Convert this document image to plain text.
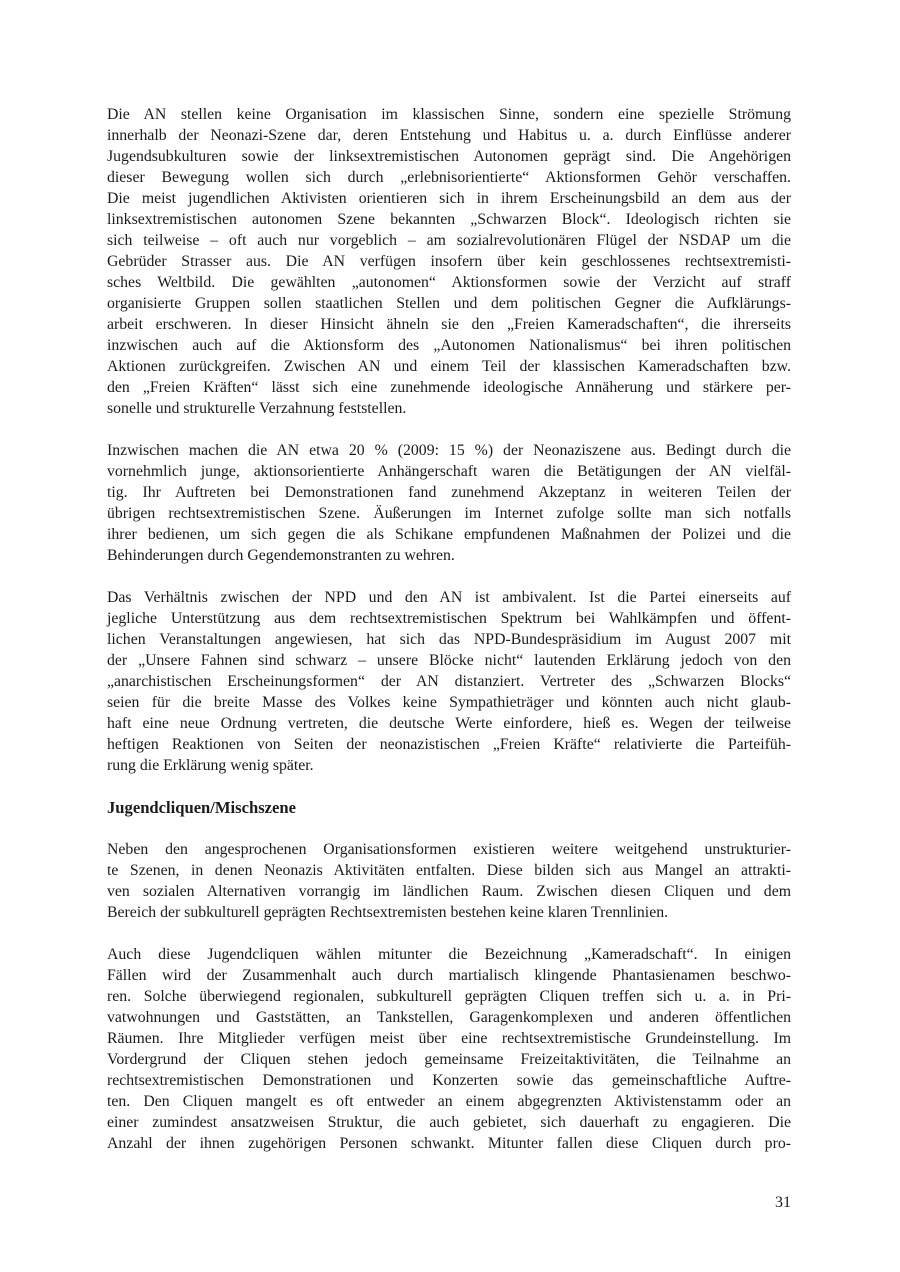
Die AN stellen keine Organisation im klassischen Sinne, sondern eine spezielle Strömung
innerhalb der Neonazi-Szene dar, deren Entstehung und Habitus u. a. durch Einflüsse anderer
Jugendsubkulturen sowie der linksextremistischen Autonomen geprägt sind. Die Angehörigen
dieser Bewegung wollen sich durch „erlebnisorientierte“ Aktionsformen Gehör verschaffen.
Die meist jugendlichen Aktivisten orientieren sich in ihrem Erscheinungsbild an dem aus der
linksextremistischen autonomen Szene bekannten „Schwarzen Block“. Ideologisch richten sie
sich teilweise – oft auch nur vorgeblich – am sozialrevolutionären Flügel der NSDAP um die
Gebrüder Strasser aus. Die AN verfügen insofern über kein geschlossenes rechtsextremisti-
sches Weltbild. Die gewählten „autonomen“ Aktionsformen sowie der Verzicht auf straff
organisierte Gruppen sollen staatlichen Stellen und dem politischen Gegner die Aufklärungs-
arbeit erschweren. In dieser Hinsicht ähneln sie den „Freien Kameradschaften“, die ihrerseits
inzwischen auch auf die Aktionsform des „Autonomen Nationalismus“ bei ihren politischen
Aktionen zurückgreifen. Zwischen AN und einem Teil der klassischen Kameradschaften bzw.
den „Freien Kräften“ lässt sich eine zunehmende ideologische Annäherung und stärkere per-
sonelle und strukturelle Verzahnung feststellen.
Inzwischen machen die AN etwa 20 % (2009: 15 %) der Neonaziszene aus. Bedingt durch die
vornehmlich junge, aktionsorientierte Anhängerschaft waren die Betätigungen der AN vielfäl-
tig. Ihr Auftreten bei Demonstrationen fand zunehmend Akzeptanz in weiteren Teilen der
übrigen rechtsextremistischen Szene. Äußerungen im Internet zufolge sollte man sich notfalls
ihrer bedienen, um sich gegen die als Schikane empfundenen Maßnahmen der Polizei und die
Behinderungen durch Gegendemonstranten zu wehren.
Das Verhältnis zwischen der NPD und den AN ist ambivalent. Ist die Partei einerseits auf
jegliche Unterstützung aus dem rechtsextremistischen Spektrum bei Wahlkämpfen und öffent-
lichen Veranstaltungen angewiesen, hat sich das NPD-Bundespräsidium im August 2007 mit
der „Unsere Fahnen sind schwarz – unsere Blöcke nicht“ lautenden Erklärung jedoch von den
„anarchistischen Erscheinungsformen“ der AN distanziert. Vertreter des „Schwarzen Blocks“
seien für die breite Masse des Volkes keine Sympathieträger und könnten auch nicht glaub-
haft eine neue Ordnung vertreten, die deutsche Werte einfordere, hieß es. Wegen der teilweise
heftigen Reaktionen von Seiten der neonazistischen „Freien Kräfte“ relativierte die Parteifüh-
rung die Erklärung wenig später.
Jugendcliquen/Mischszene
Neben den angesprochenen Organisationsformen existieren weitere weitgehend unstrukturier-
te Szenen, in denen Neonazis Aktivitäten entfalten. Diese bilden sich aus Mangel an attrakti-
ven sozialen Alternativen vorrangig im ländlichen Raum. Zwischen diesen Cliquen und dem
Bereich der subkulturell geprägten Rechtsextremisten bestehen keine klaren Trennlinien.
Auch diese Jugendcliquen wählen mitunter die Bezeichnung „Kameradschaft“. In einigen
Fällen wird der Zusammenhalt auch durch martialisch klingende Phantasienamen beschwo-
ren. Solche überwiegend regionalen, subkulturell geprägten Cliquen treffen sich u. a. in Pri-
vatwohnungen und Gaststätten, an Tankstellen, Garagenkomplexen und anderen öffentlichen
Räumen. Ihre Mitglieder verfügen meist über eine rechtsextremistische Grundeinstellung. Im
Vordergrund der Cliquen stehen jedoch gemeinsame Freizeitaktivitäten, die Teilnahme an
rechtsextremistischen Demonstrationen und Konzerten sowie das gemeinschaftliche Auftre-
ten. Den Cliquen mangelt es oft entweder an einem abgegrenzten Aktivistenstamm oder an
einer zumindest ansatzweisen Struktur, die auch gebietet, sich dauerhaft zu engagieren. Die
Anzahl der ihnen zugehörigen Personen schwankt. Mitunter fallen diese Cliquen durch pro-
31
